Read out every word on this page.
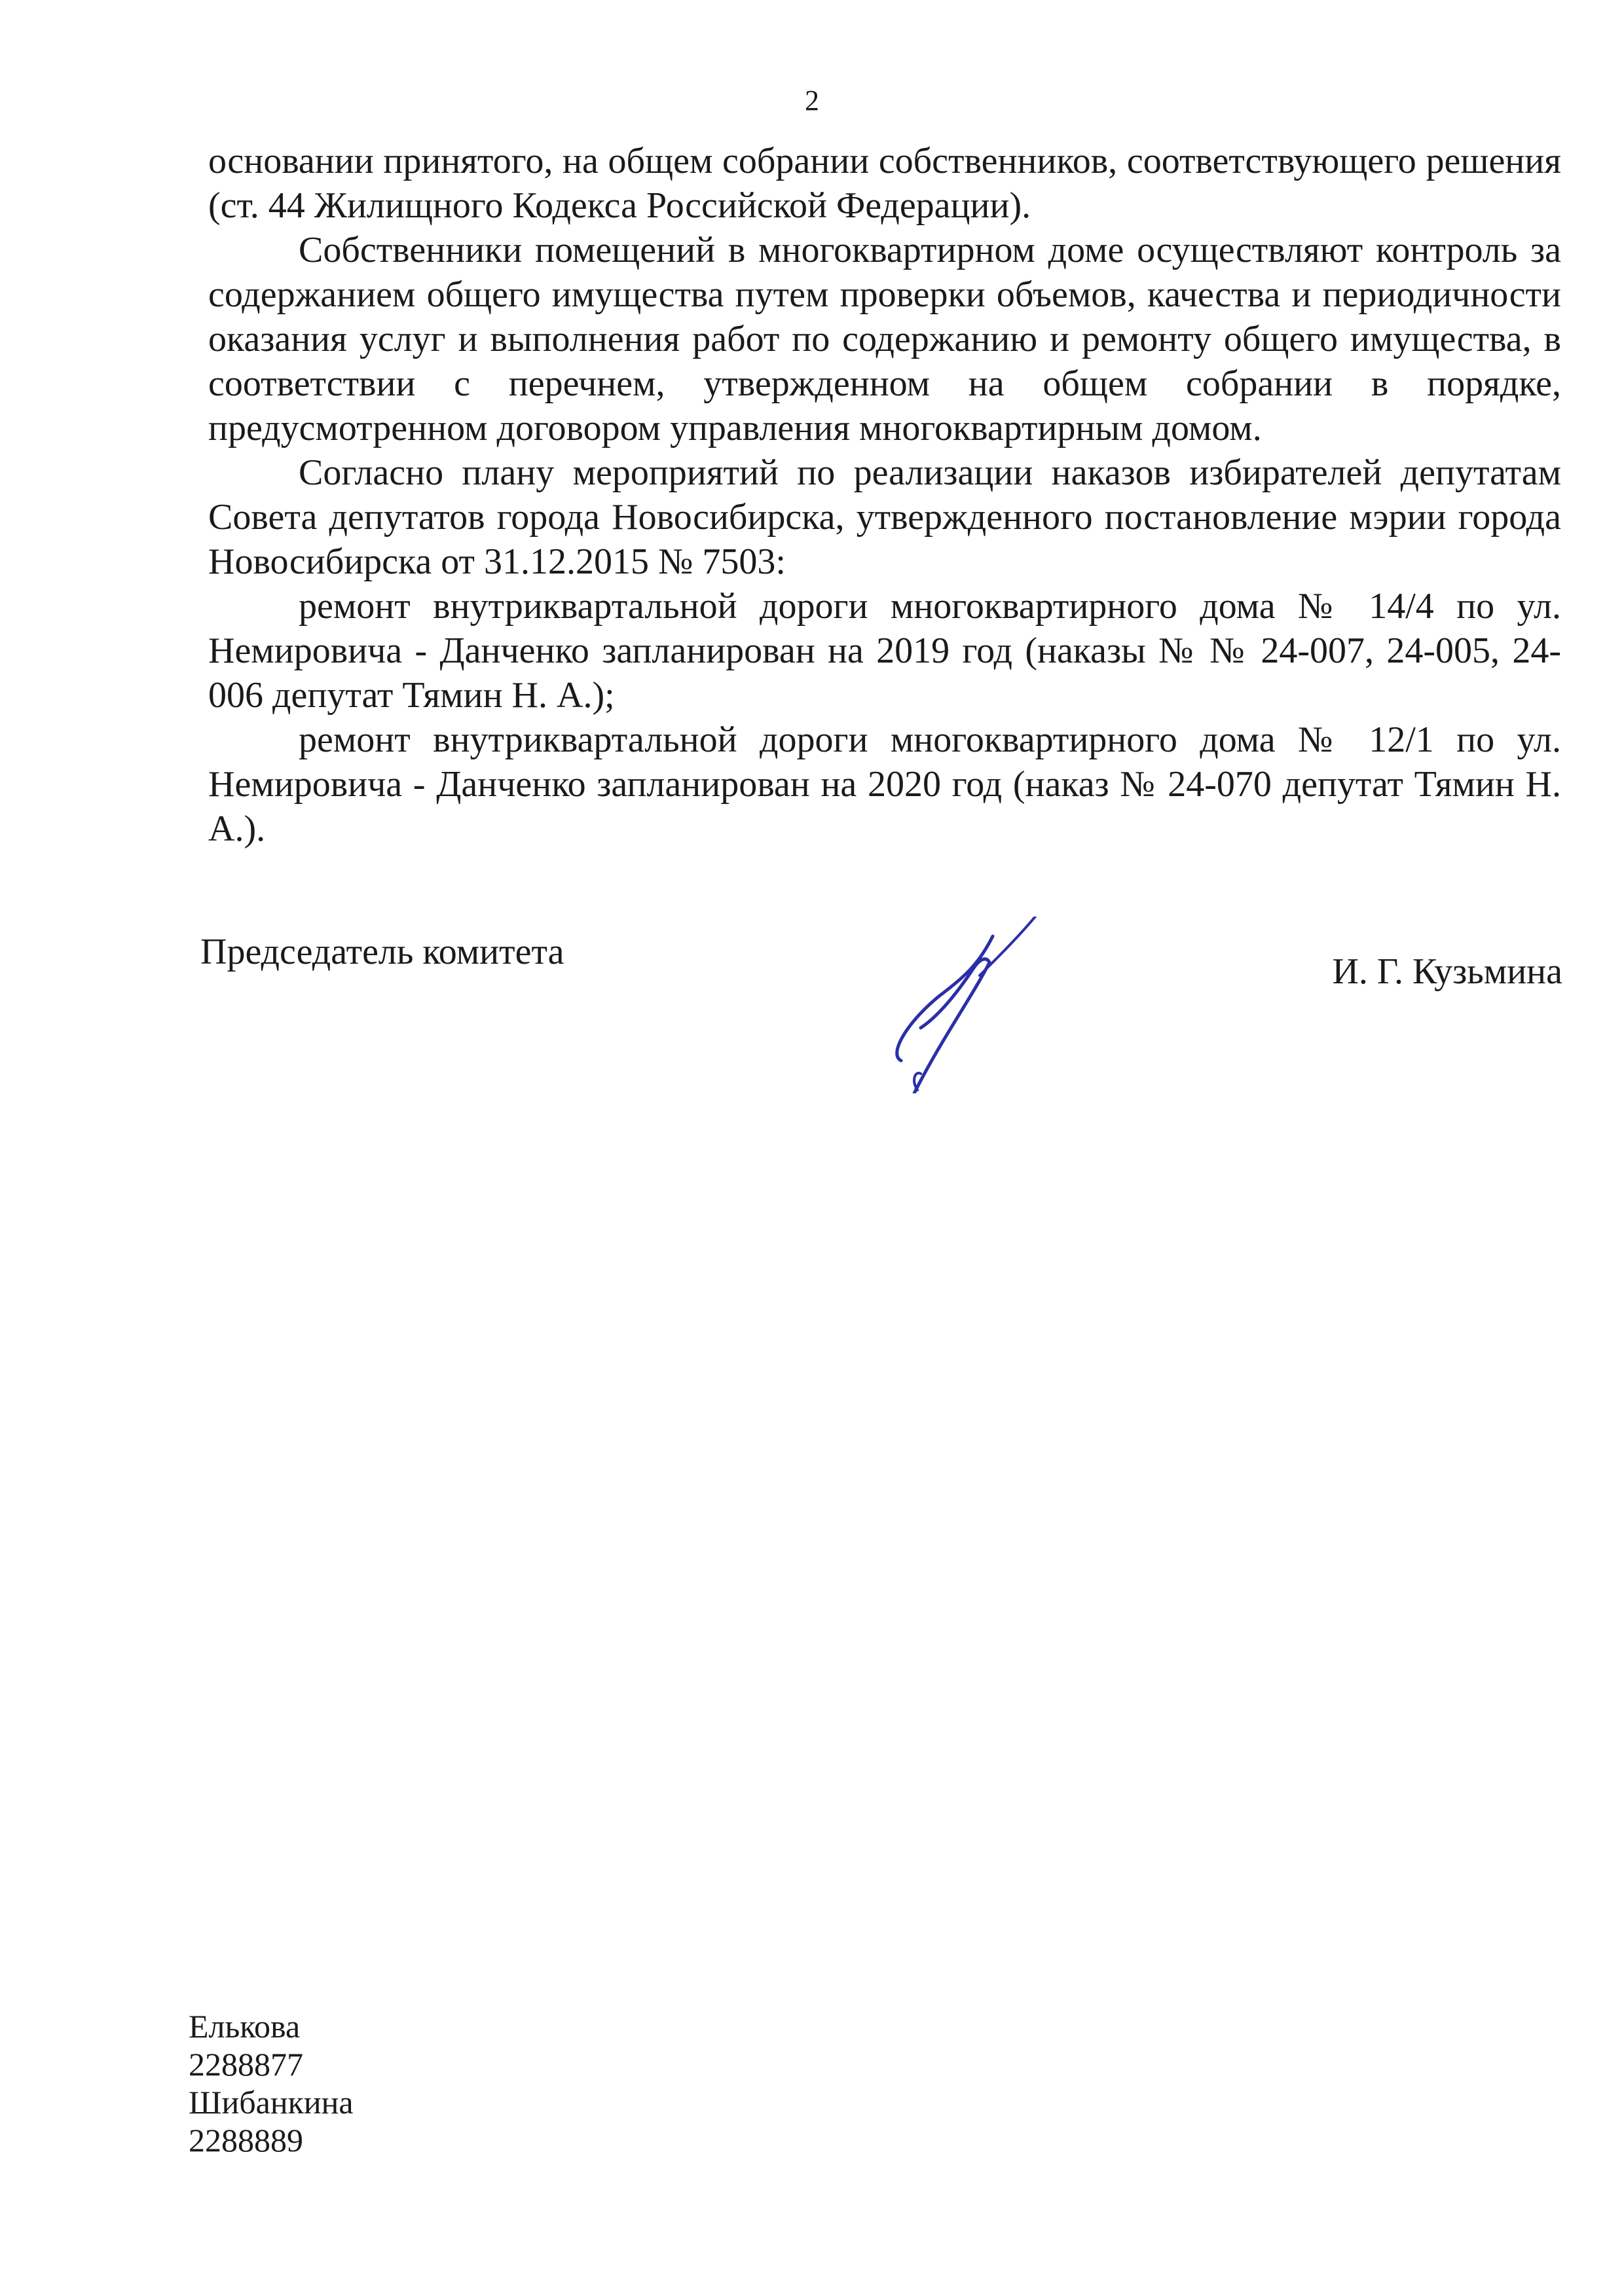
2

основании принятого, на общем собрании собственников, соответствующего решения (ст. 44 Жилищного Кодекса Российской Федерации).

Собственники помещений в многоквартирном доме осуществляют контроль за содержанием общего имущества путем проверки объемов, качества и периодичности оказания услуг и выполнения работ по содержанию и ремонту общего имущества, в соответствии с перечнем, утвержденном на общем собрании в порядке, предусмотренном договором управления многоквартирным домом.

Согласно плану мероприятий по реализации наказов избирателей депутатам Совета депутатов города Новосибирска, утвержденного постановление мэрии города Новосибирска от 31.12.2015 № 7503:

ремонт внутриквартальной дороги многоквартирного дома № 14/4 по ул. Немировича - Данченко запланирован на 2019 год (наказы № № 24-007, 24-005, 24-006 депутат Тямин Н. А.);

ремонт внутриквартальной дороги многоквартирного дома № 12/1 по ул. Немировича - Данченко запланирован на 2020 год (наказ № 24-070 депутат Тямин Н. А.).

Председатель комитета	И. Г. Кузьмина
Елькова
2288877
Шибанкина
2288889
